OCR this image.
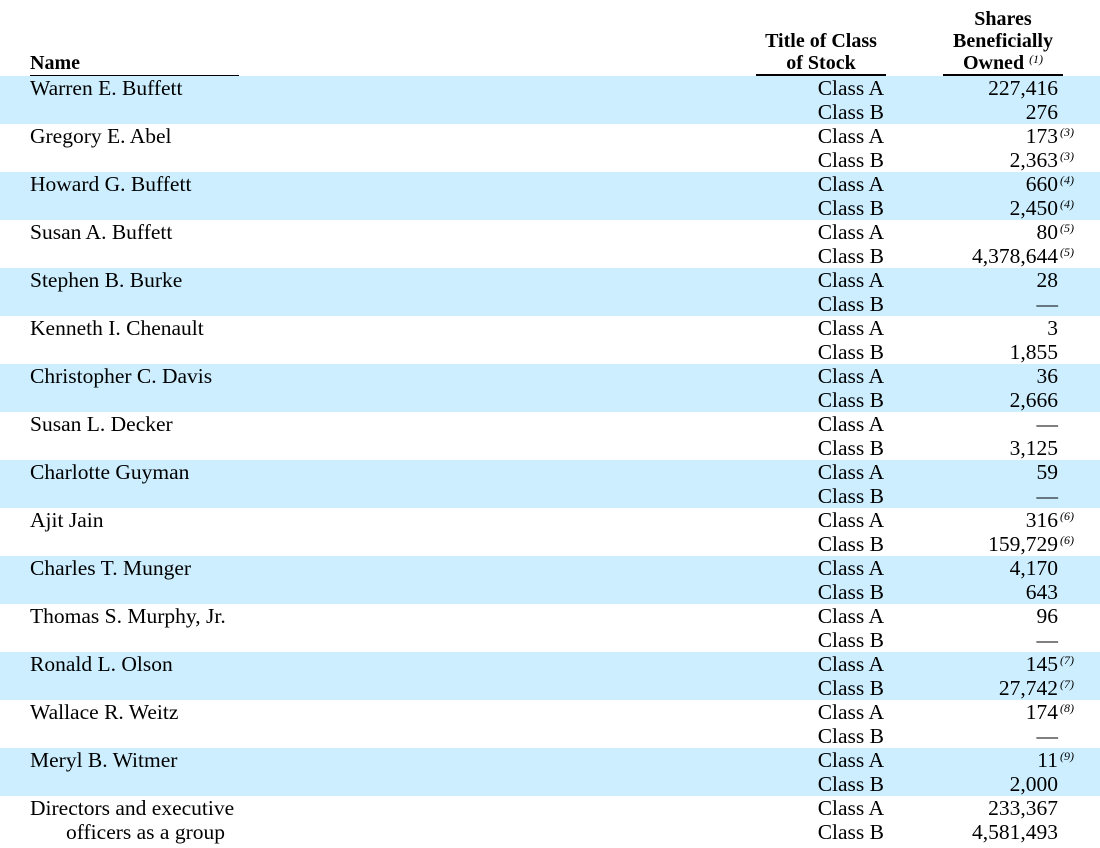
Name
Title of Class
of Stock
Shares
Beneficially
Owned $^{(1)}$
Warren E. Buffett	Class A	227,416
Class B	276
Gregory E. Abel	Class A	173 (3)
Class B	2,363 (3)
Howard G. Buffett	Class A	660 (4)
Class B	2,450 (4)
Susan A. Buffett	Class A	80 (5)
Class B	4,378,644 (5)
Stephen B. Burke	Class A	28
Class B	—
Kenneth I. Chenault	Class A	3
Class B	1,855
Christopher C. Davis	Class A	36
Class B	2,666
Susan L. Decker	Class A	—
Class B	3,125
Charlotte Guyman	Class A	59
Class B	—
Ajit Jain	Class A	316 (6)
Class B	159,729 (6)
Charles T. Munger	Class A	4,170
Class B	643
Thomas S. Murphy, Jr.	Class A	96
Class B	—
Ronald L. Olson	Class A	145 (7)
Class B	27,742 (7)
Wallace R. Weitz	Class A	174 (8)
Class B	—
Meryl B. Witmer	Class A	11 (9)
Class B	2,000
Directors and executive
officers as a group
Class A	233,367
Class B	4,581,493
